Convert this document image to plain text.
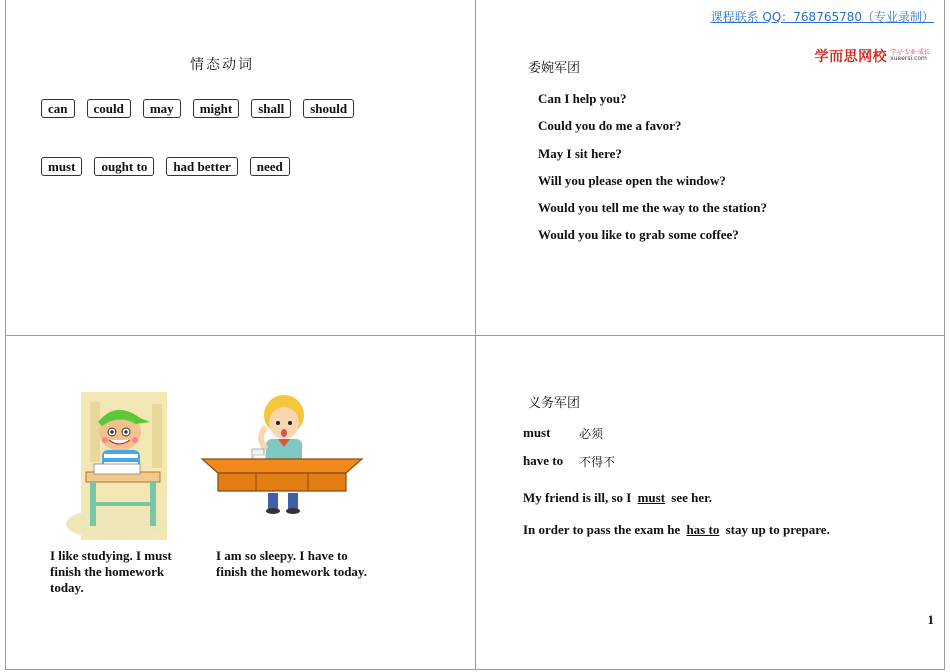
课程联系 QQ：768765780（专业录制）
学而思网校 学习·专业·成长
xueersi.com
情态动词
can	could	may	might	shall	should
must	ought to	had better	need
委婉军团
Can I help you?
Could you do me a favor?
May I sit here?
Will you please open the window?
Would you tell me the way to the station?
Would you like to grab some coffee?
I like studying. I must
finish the homework
today.
I am so sleepy. I have to
finish the homework today.
义务军团
must	必须
have to	不得不
My friend is ill, so I must see her.
In order to pass the exam he has to stay up to prepare.
1
